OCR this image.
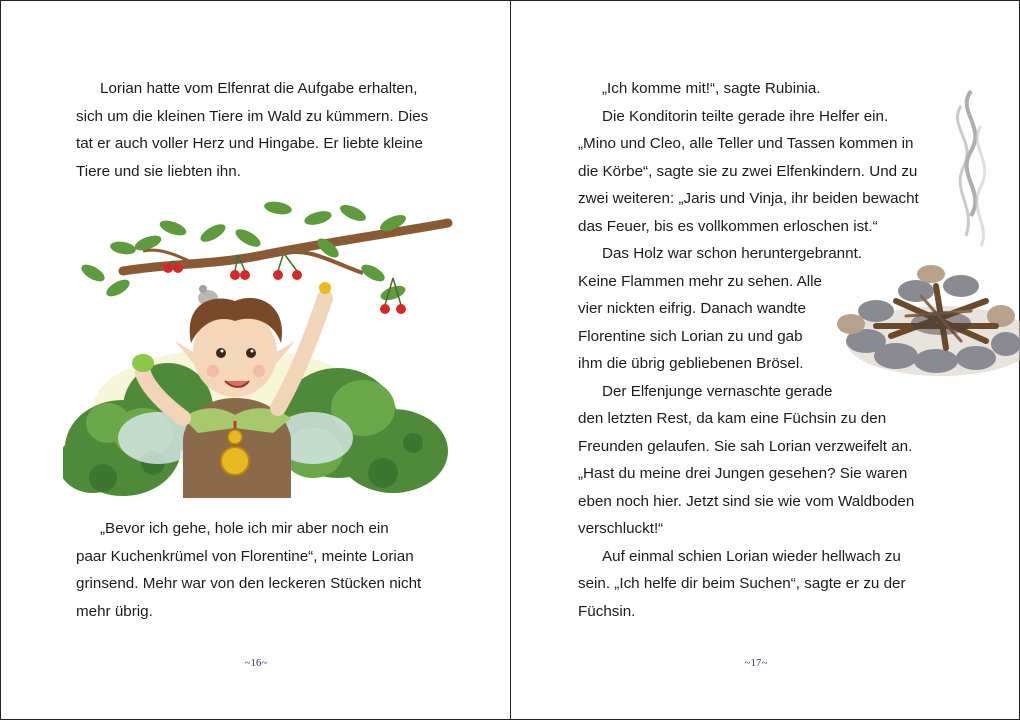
Lorian hatte vom Elfenrat die Aufgabe erhalten,
sich um die kleinen Tiere im Wald zu kümmern. Dies
tat er auch voller Herz und Hingabe. Er liebte kleine
Tiere und sie liebten ihn.

„Bevor ich gehe, hole ich mir aber noch ein
paar Kuchenkrümel von Florentine“, meinte Lorian
grinsend. Mehr war von den leckeren Stücken nicht
mehr übrig.

~16~

„Ich komme mit!“, sagte Rubinia.
Die Konditorin teilte gerade ihre Helfer ein.
„Mino und Cleo, alle Teller und Tassen kommen in
die Körbe“, sagte sie zu zwei Elfenkindern. Und zu
zwei weiteren: „Jaris und Vinja, ihr beiden bewacht
das Feuer, bis es vollkommen erloschen ist.“
Das Holz war schon heruntergebrannt.
Keine Flammen mehr zu sehen. Alle
vier nickten eifrig. Danach wandte
Florentine sich Lorian zu und gab
ihm die übrig gebliebenen Brösel.
Der Elfenjunge vernaschte gerade
den letzten Rest, da kam eine Füchsin zu den
Freunden gelaufen. Sie sah Lorian verzweifelt an.
„Hast du meine drei Jungen gesehen? Sie waren
eben noch hier. Jetzt sind sie wie vom Waldboden
verschluckt!“
Auf einmal schien Lorian wieder hellwach zu
sein. „Ich helfe dir beim Suchen“, sagte er zu der
Füchsin.

~17~
